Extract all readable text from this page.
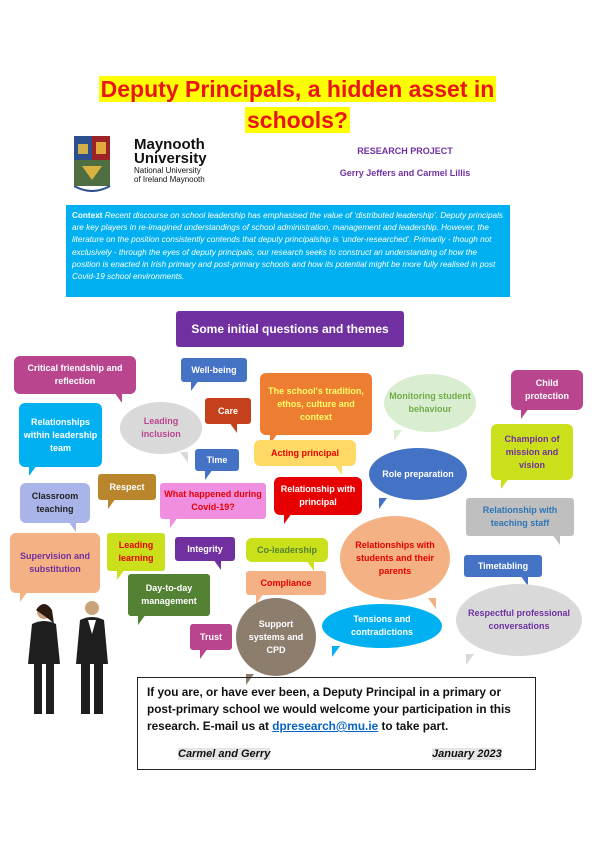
Deputy Principals, a hidden asset in
schools?
Maynooth
University
National University
of Ireland Maynooth
RESEARCH PROJECT
Gerry Jeffers and Carmel Lillis
Context Recent discourse on school leadership has emphasised the value of ‘distributed leadership’. Deputy principals are key players in re-imagined understandings of school administration, management and leadership. However, the literature on the position consistently contends that deputy principalship is ‘under-researched’. Primarily - though not exclusively - through the eyes of deputy principals, our research seeks to construct an understanding of how the position is enacted in Irish primary and post-primary schools and how its potential might be more fully realised in post Covid-19 school environments.
Some initial questions and themes
Critical friendship and reflection
Well-being
The school's tradition, ethos, culture and context
Monitoring student behaviour
Child protection
Relationships within leadership team
Leading inclusion
Care
Acting principal
Champion of mission and vision
Time
Role preparation
Classroom teaching
Respect
What happened during Covid-19?
Relationship with principal
Relationship with teaching staff
Supervision and substitution
Leading learning
Integrity	Co-leadership	Relationships with students and their parents	Timetabling
Day-to-day management
Compliance
Support systems and CPD
Tensions and contradictions
Respectful professional conversations
Trust
If you are, or have ever been, a Deputy Principal in a primary or post-primary school we would welcome your participation in this research. E-mail us at dpresearch@mu.ie to take part.
Carmel and Gerry	January 2023
